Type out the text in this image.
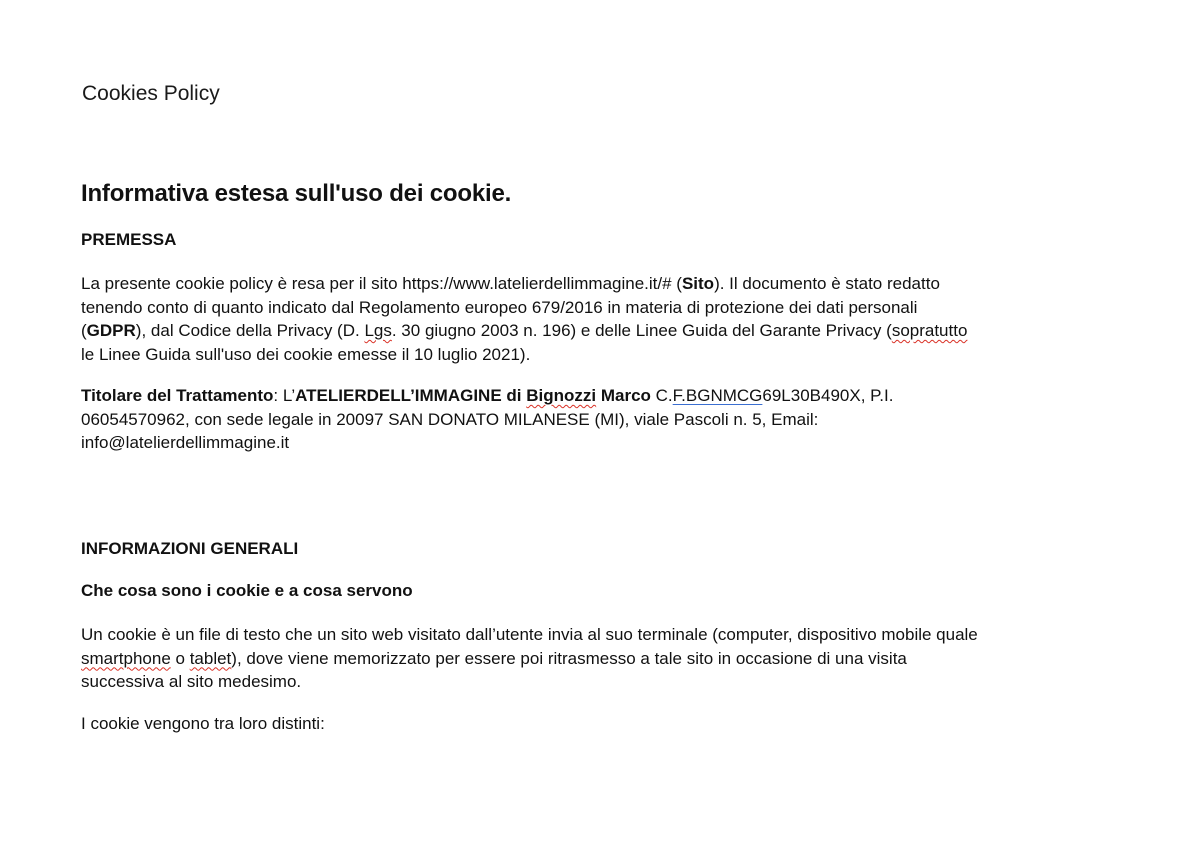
Cookies Policy
Informativa estesa sull'uso dei cookie.
PREMESSA
La presente cookie policy è resa per il sito https://www.latelierdellimmagine.it/# (Sito). Il documento è stato redatto
tenendo conto di quanto indicato dal Regolamento europeo 679/2016 in materia di protezione dei dati personali
(GDPR), dal Codice della Privacy (D. Lgs. 30 giugno 2003 n. 196) e delle Linee Guida del Garante Privacy (sopratutto
le Linee Guida sull'uso dei cookie emesse il 10 luglio 2021).
Titolare del Trattamento: L’ATELIERDELL’IMMAGINE di Bignozzi Marco C.F.BGNMCG69L30B490X, P.I.
06054570962, con sede legale in 20097 SAN DONATO MILANESE (MI), viale Pascoli n. 5, Email:
info@latelierdellimmagine.it
INFORMAZIONI GENERALI
Che cosa sono i cookie e a cosa servono
Un cookie è un file di testo che un sito web visitato dall’utente invia al suo terminale (computer, dispositivo mobile quale
smartphone o tablet), dove viene memorizzato per essere poi ritrasmesso a tale sito in occasione di una visita
successiva al sito medesimo.
I cookie vengono tra loro distinti:
